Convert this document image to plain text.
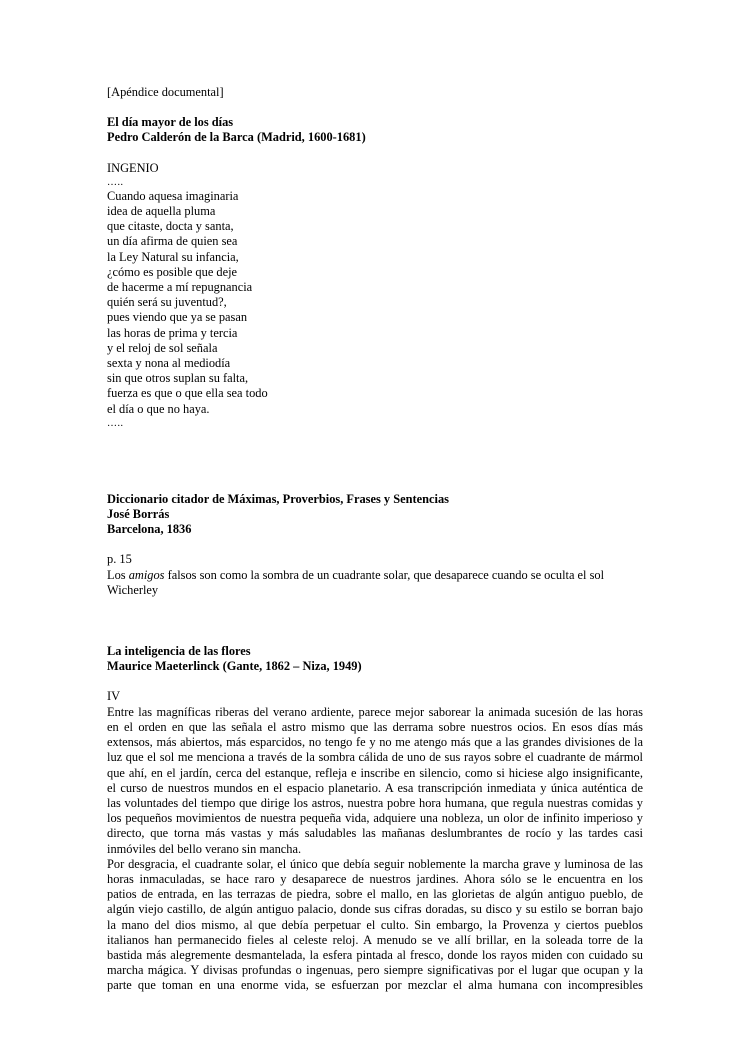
[Apéndice documental]
El día mayor de los días
Pedro Calderón de la Barca (Madrid, 1600-1681)
INGENIO
…..
Cuando aquesa imaginaria
idea de aquella pluma
que citaste, docta y santa,
un día afirma de quien sea
la Ley Natural su infancia,
¿cómo es posible que deje
de hacerme a mí repugnancia
quién será su juventud?,
pues viendo que ya se pasan
las horas de prima y tercia
y el reloj de sol señala
sexta y nona al mediodía
sin que otros suplan su falta,
fuerza es que o que ella sea todo
el día o que no haya.
…..
Diccionario citador de Máximas, Proverbios, Frases y Sentencias
José Borrás
Barcelona, 1836
p. 15
Los amigos falsos son como la sombra de un cuadrante solar, que desaparece cuando se oculta el sol
Wicherley
La inteligencia de las flores
Maurice Maeterlinck (Gante, 1862 – Niza, 1949)
IV
Entre las magníficas riberas del verano ardiente, parece mejor saborear la animada sucesión de las horas
en el orden en que las señala el astro mismo que las derrama sobre nuestros ocios. En esos días más
extensos, más abiertos, más esparcidos, no tengo fe y no me atengo más que a las grandes divisiones de la
luz que el sol me menciona a través de la sombra cálida de uno de sus rayos sobre el cuadrante de mármol
que ahí, en el jardín, cerca del estanque, refleja e inscribe en silencio, como si hiciese algo insignificante,
el curso de nuestros mundos en el espacio planetario. A esa transcripción inmediata y única auténtica de
las voluntades del tiempo que dirige los astros, nuestra pobre hora humana, que regula nuestras comidas y
los pequeños movimientos de nuestra pequeña vida, adquiere una nobleza, un olor de infinito imperioso y
directo, que torna más vastas y más saludables las mañanas deslumbrantes de rocío y las tardes casi
inmóviles del bello verano sin mancha.
Por desgracia, el cuadrante solar, el único que debía seguir noblemente la marcha grave y luminosa de las
horas inmaculadas, se hace raro y desaparece de nuestros jardines. Ahora sólo se le encuentra en los
patios de entrada, en las terrazas de piedra, sobre el mallo, en las glorietas de algún antiguo pueblo, de
algún viejo castillo, de algún antiguo palacio, donde sus cifras doradas, su disco y su estilo se borran bajo
la mano del dios mismo, al que debía perpetuar el culto. Sin embargo, la Provenza y ciertos pueblos
italianos han permanecido fieles al celeste reloj. A menudo se ve allí brillar, en la soleada torre de la
bastida más alegremente desmantelada, la esfera pintada al fresco, donde los rayos miden con cuidado su
marcha mágica. Y divisas profundas o ingenuas, pero siempre significativas por el lugar que ocupan y la
parte que toman en una enorme vida, se esfuerzan por mezclar el alma humana con incompresibles
